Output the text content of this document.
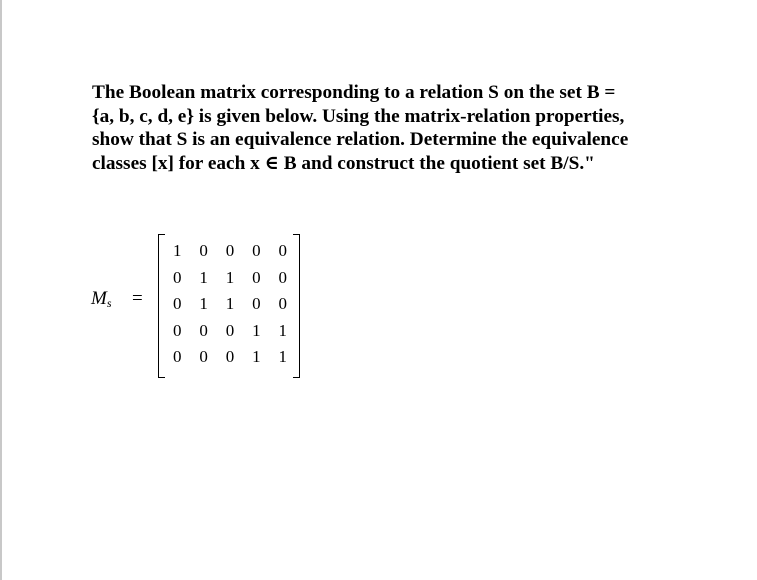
The Boolean matrix corresponding to a relation S on the set B =
{a, b, c, d, e} is given below. Using the matrix-relation properties,
show that S is an equivalence relation. Determine the equivalence
classes [x] for each x ∈ B and construct the quotient set B/S."

$M_s$ =
1	0	0	0	0
0	1	1	0	0
0	1	1	0	0
0	0	0	1	1
0	0	0	1	1
